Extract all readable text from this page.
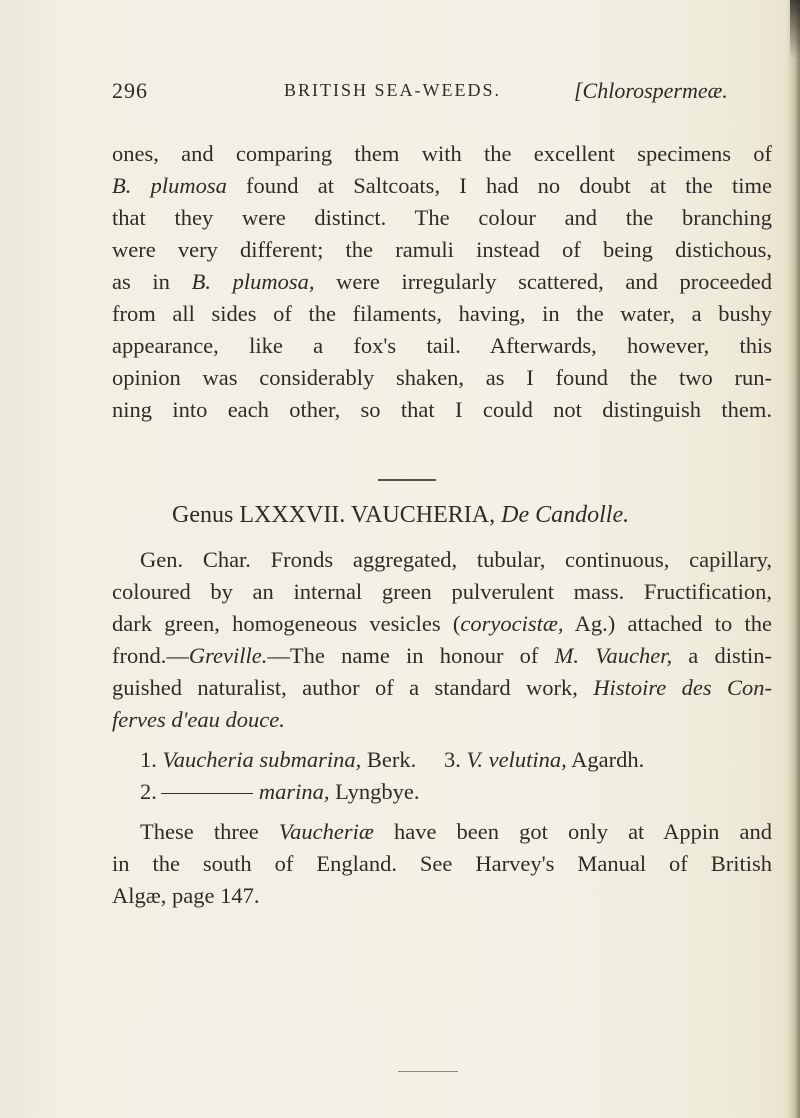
296	BRITISH SEA-WEEDS.	[Chlorospermeæ.
ones, and comparing them with the excellent specimens of
B. plumosa found at Saltcoats, I had no doubt at the time
that they were distinct. The colour and the branching
were very different; the ramuli instead of being distichous,
as in B. plumosa, were irregularly scattered, and proceeded
from all sides of the filaments, having, in the water, a bushy
appearance, like a fox's tail. Afterwards, however, this
opinion was considerably shaken, as I found the two run-
ning into each other, so that I could not distinguish them.
Genus LXXXVII. VAUCHERIA, De Candolle.
Gen. Char. Fronds aggregated, tubular, continuous, capillary,
coloured by an internal green pulverulent mass. Fructification,
dark green, homogeneous vesicles (coryocistæ, Ag.) attached to the
frond.—Greville.—The name in honour of M. Vaucher, a distin-
guished naturalist, author of a standard work, Histoire des Con-
ferves d'eau douce.
1. Vaucheria submarina, Berk.	3. V. velutina, Agardh.
2.	marina, Lyngbye.
These three Vaucheriæ have been got only at Appin and
in the south of England. See Harvey's Manual of British
Algæ, page 147.
